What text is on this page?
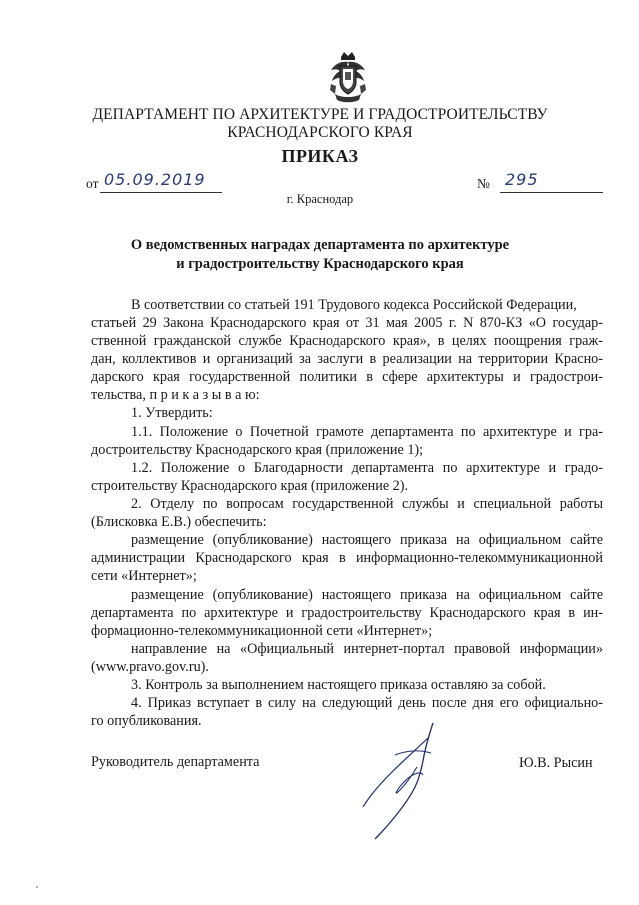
ДЕПАРТАМЕНТ ПО АРХИТЕКТУРЕ И ГРАДОСТРОИТЕЛЬСТВУ
КРАСНОДАРСКОГО КРАЯ
ПРИКАЗ
от 05.09.2019	№ 295
г. Краснодар
О ведомственных наградах департамента по архитектуре
и градостроительству Краснодарского края
В соответствии со статьей 191 Трудового кодекса Российской Федерации,
статьей 29 Закона Краснодарского края от 31 мая 2005 г. N 870-КЗ «О государ-
ственной гражданской службе Краснодарского края», в целях поощрения граж-
дан, коллективов и организаций за заслуги в реализации на территории Красно-
дарского края государственной политики в сфере архитектуры и градострои-
тельства, п р и к а з ы в а ю:
1. Утвердить:
1.1. Положение о Почетной грамоте департамента по архитектуре и гра-
достроительству Краснодарского края (приложение 1);
1.2. Положение о Благодарности департамента по архитектуре и градо-
строительству Краснодарского края (приложение 2).
2. Отделу по вопросам государственной службы и специальной работы
(Блисковка Е.В.) обеспечить:
размещение (опубликование) настоящего приказа на официальном сайте
администрации Краснодарского края в информационно-телекоммуникационной
сети «Интернет»;
размещение (опубликование) настоящего приказа на официальном сайте
департамента по архитектуре и градостроительству Краснодарского края в ин-
формационно-телекоммуникационной сети «Интернет»;
направление на «Официальный интернет-портал правовой информации»
(www.pravo.gov.ru).
3. Контроль за выполнением настоящего приказа оставляю за собой.
4. Приказ вступает в силу на следующий день после дня его официально-
го опубликования.
Руководитель департамента	Ю.В. Рысин
